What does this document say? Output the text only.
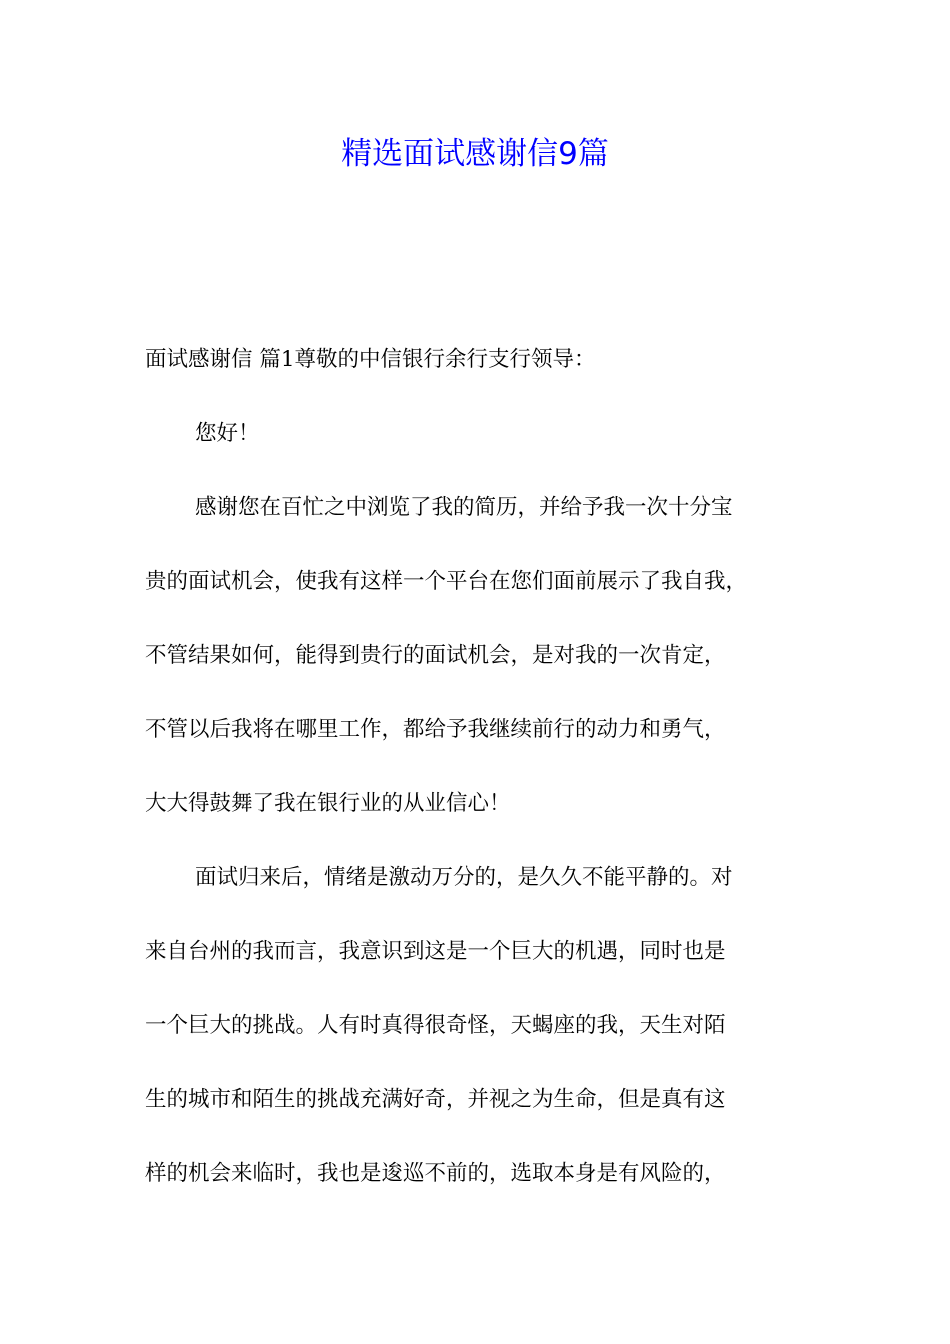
精选面试感谢信9篇

面试感谢信 篇1尊敬的中信银行余行支行领导：

您好！

感谢您在百忙之中浏览了我的简历，并给予我一次十分宝

贵的面试机会，使我有这样一个平台在您们面前展示了我自我，

不管结果如何，能得到贵行的面试机会，是对我的一次肯定，

不管以后我将在哪里工作，都给予我继续前行的动力和勇气，

大大得鼓舞了我在银行业的从业信心！

面试归来后，情绪是激动万分的，是久久不能平静的。对

来自台州的我而言，我意识到这是一个巨大的机遇，同时也是

一个巨大的挑战。人有时真得很奇怪，天蝎座的我，天生对陌

生的城市和陌生的挑战充满好奇，并视之为生命，但是真有这

样的机会来临时，我也是逡巡不前的，选取本身是有风险的，
